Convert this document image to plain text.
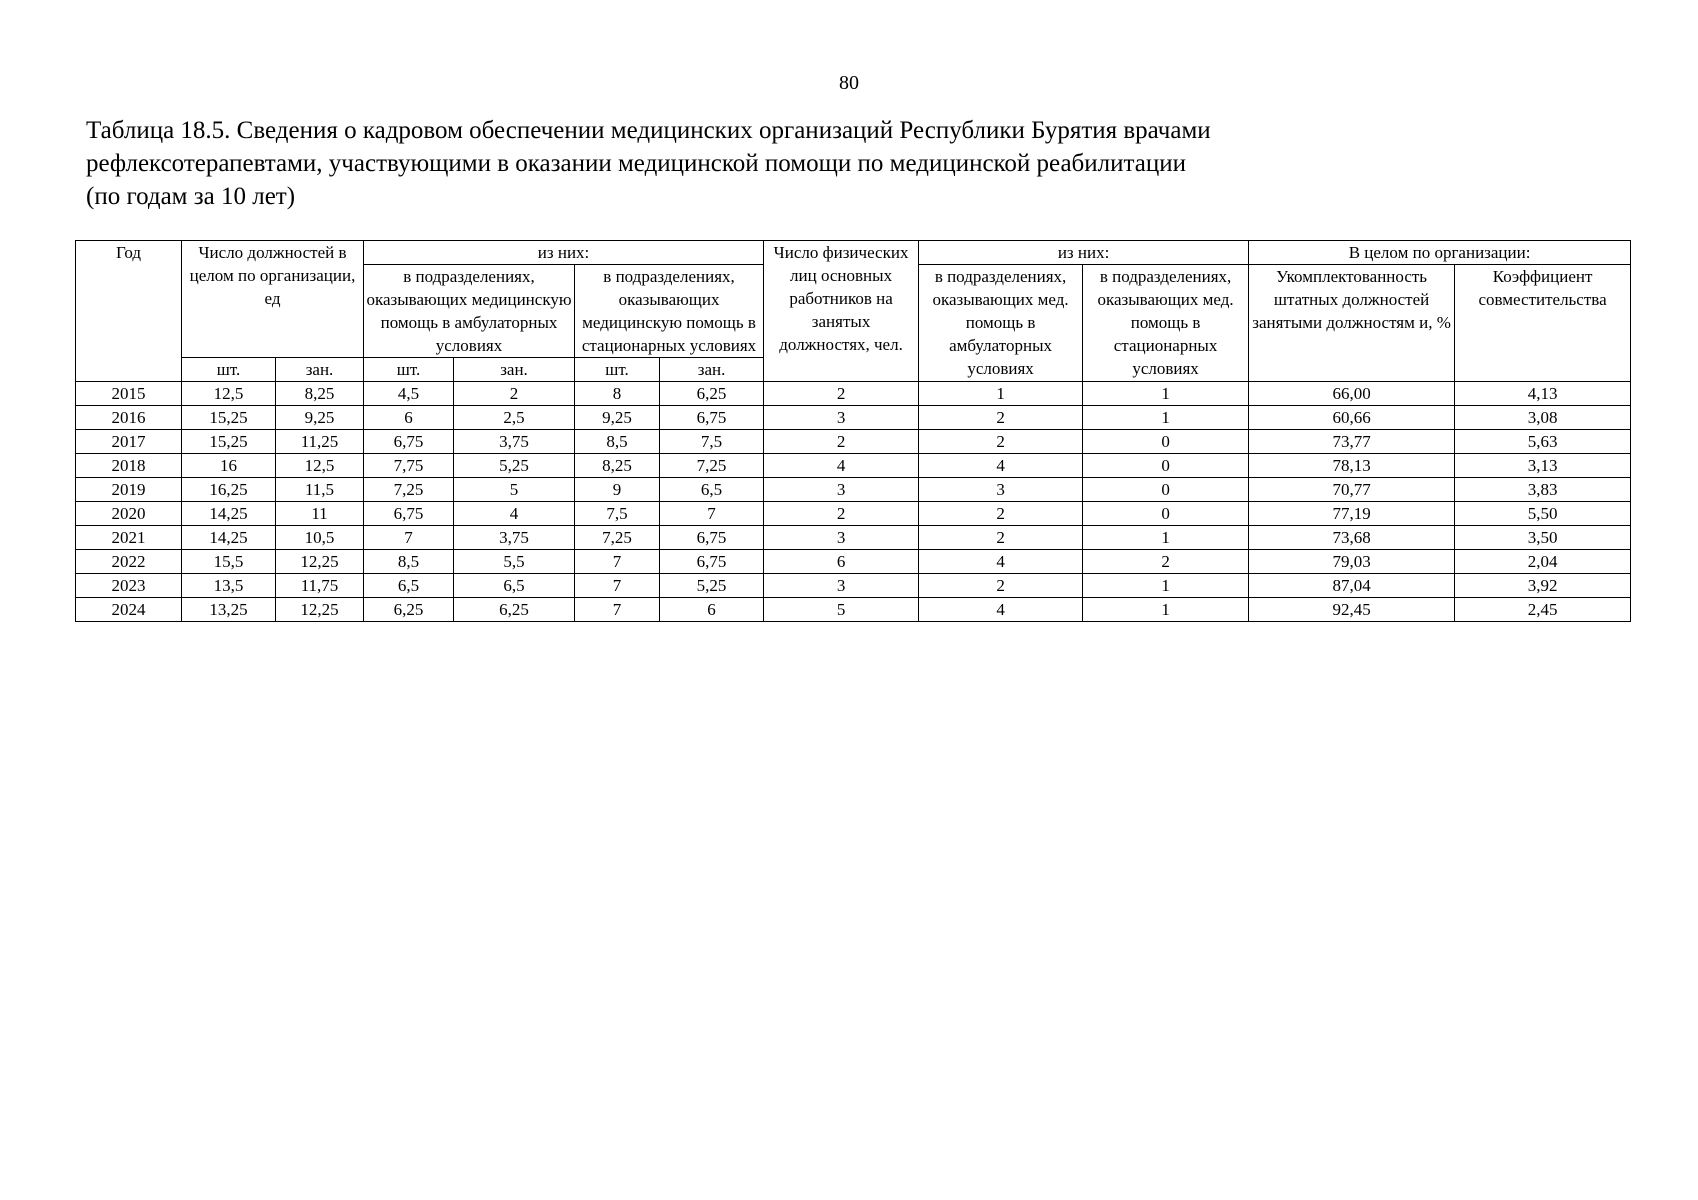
80
Таблица 18.5. Сведения о кадровом обеспечении медицинских организаций Республики Бурятия врачами
рефлексотерапевтами, участвующими в оказании медицинской помощи по медицинской реабилитации
(по годам за 10 лет)
Год	Число должностей в целом по организации, ед		из них:				Число физических лиц основных работников на занятых должностях, чел.	из них:		В целом по организации:	
			в подразделениях, оказывающих медицинскую помощь в амбулаторных условиях		в подразделениях, оказывающих медицинскую помощь в стационарных условиях			в подразделениях, оказывающих мед. помощь в амбулаторных условиях	в подразделениях, оказывающих мед. помощь в стационарных условиях	Укомплектованность штатных должностей занятыми должностям и, %	Коэффициент совместительства
	шт.	зан.	шт.	зан.	шт.	зан.					
2015	12,5	8,25	4,5	2	8	6,25	2	1	1	66,00	4,13
2016	15,25	9,25	6	2,5	9,25	6,75	3	2	1	60,66	3,08
2017	15,25	11,25	6,75	3,75	8,5	7,5	2	2	0	73,77	5,63
2018	16	12,5	7,75	5,25	8,25	7,25	4	4	0	78,13	3,13
2019	16,25	11,5	7,25	5	9	6,5	3	3	0	70,77	3,83
2020	14,25	11	6,75	4	7,5	7	2	2	0	77,19	5,50
2021	14,25	10,5	7	3,75	7,25	6,75	3	2	1	73,68	3,50
2022	15,5	12,25	8,5	5,5	7	6,75	6	4	2	79,03	2,04
2023	13,5	11,75	6,5	6,5	7	5,25	3	2	1	87,04	3,92
2024	13,25	12,25	6,25	6,25	7	6	5	4	1	92,45	2,45
